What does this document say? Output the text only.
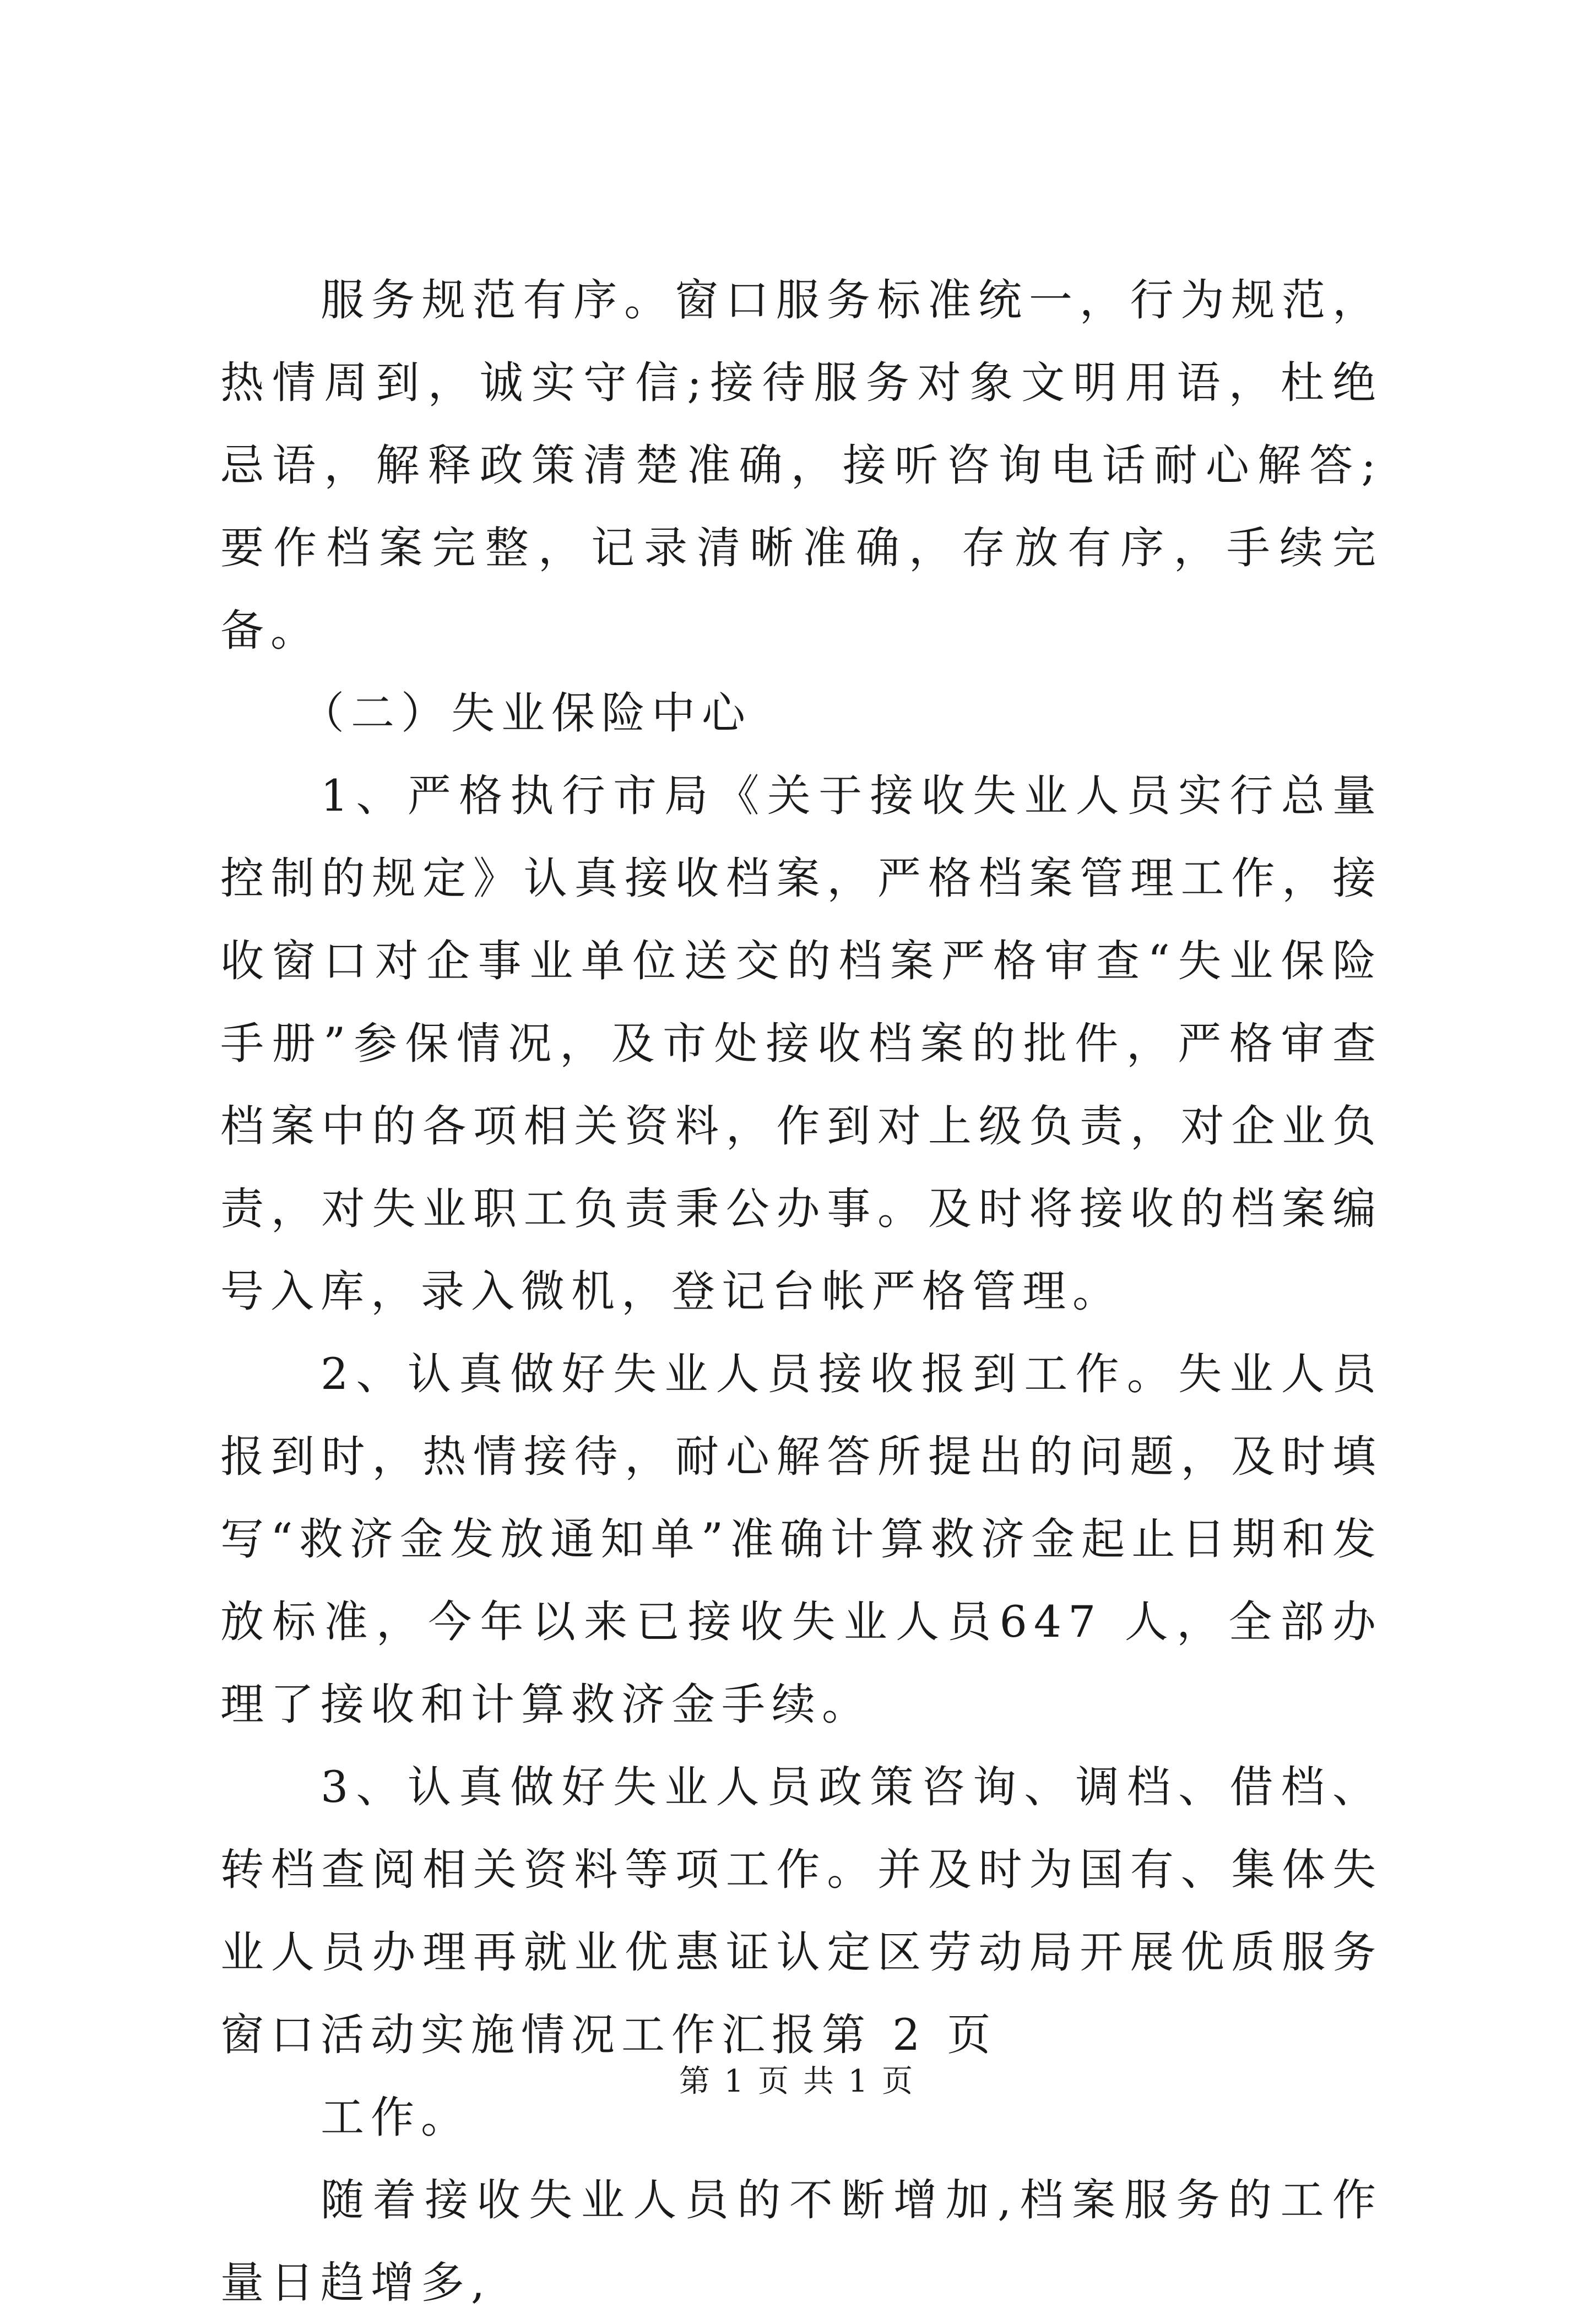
服务规范有序。窗口服务标准统一，行为规范，热情周到，诚实守信;接待服务对象文明用语，杜绝忌语，解释政策清楚准确，接听咨询电话耐心解答;要作档案完整，记录清晰准确，存放有序，手续完备。

（二）失业保险中心

1、严格执行市局《关于接收失业人员实行总量控制的规定》认真接收档案，严格档案管理工作，接收窗口对企事业单位送交的档案严格审查“失业保险手册”参保情况，及市处接收档案的批件，严格审查档案中的各项相关资料，作到对上级负责，对企业负责，对失业职工负责秉公办事。及时将接收的档案编号入库，录入微机，登记台帐严格管理。

2、认真做好失业人员接收报到工作。失业人员报到时，热情接待，耐心解答所提出的问题，及时填写“救济金发放通知单”准确计算救济金起止日期和发放标准，今年以来已接收失业人员647 人，全部办理了接收和计算救济金手续。

3、认真做好失业人员政策咨询、调档、借档、转档查阅相关资料等项工作。并及时为国有、集体失业人员办理再就业优惠证认定区劳动局开展优质服务窗口活动实施情况工作汇报第 2 页

工作。

随着接收失业人员的不断增加,档案服务的工作量日趋增多,

第 1 页 共 1 页
